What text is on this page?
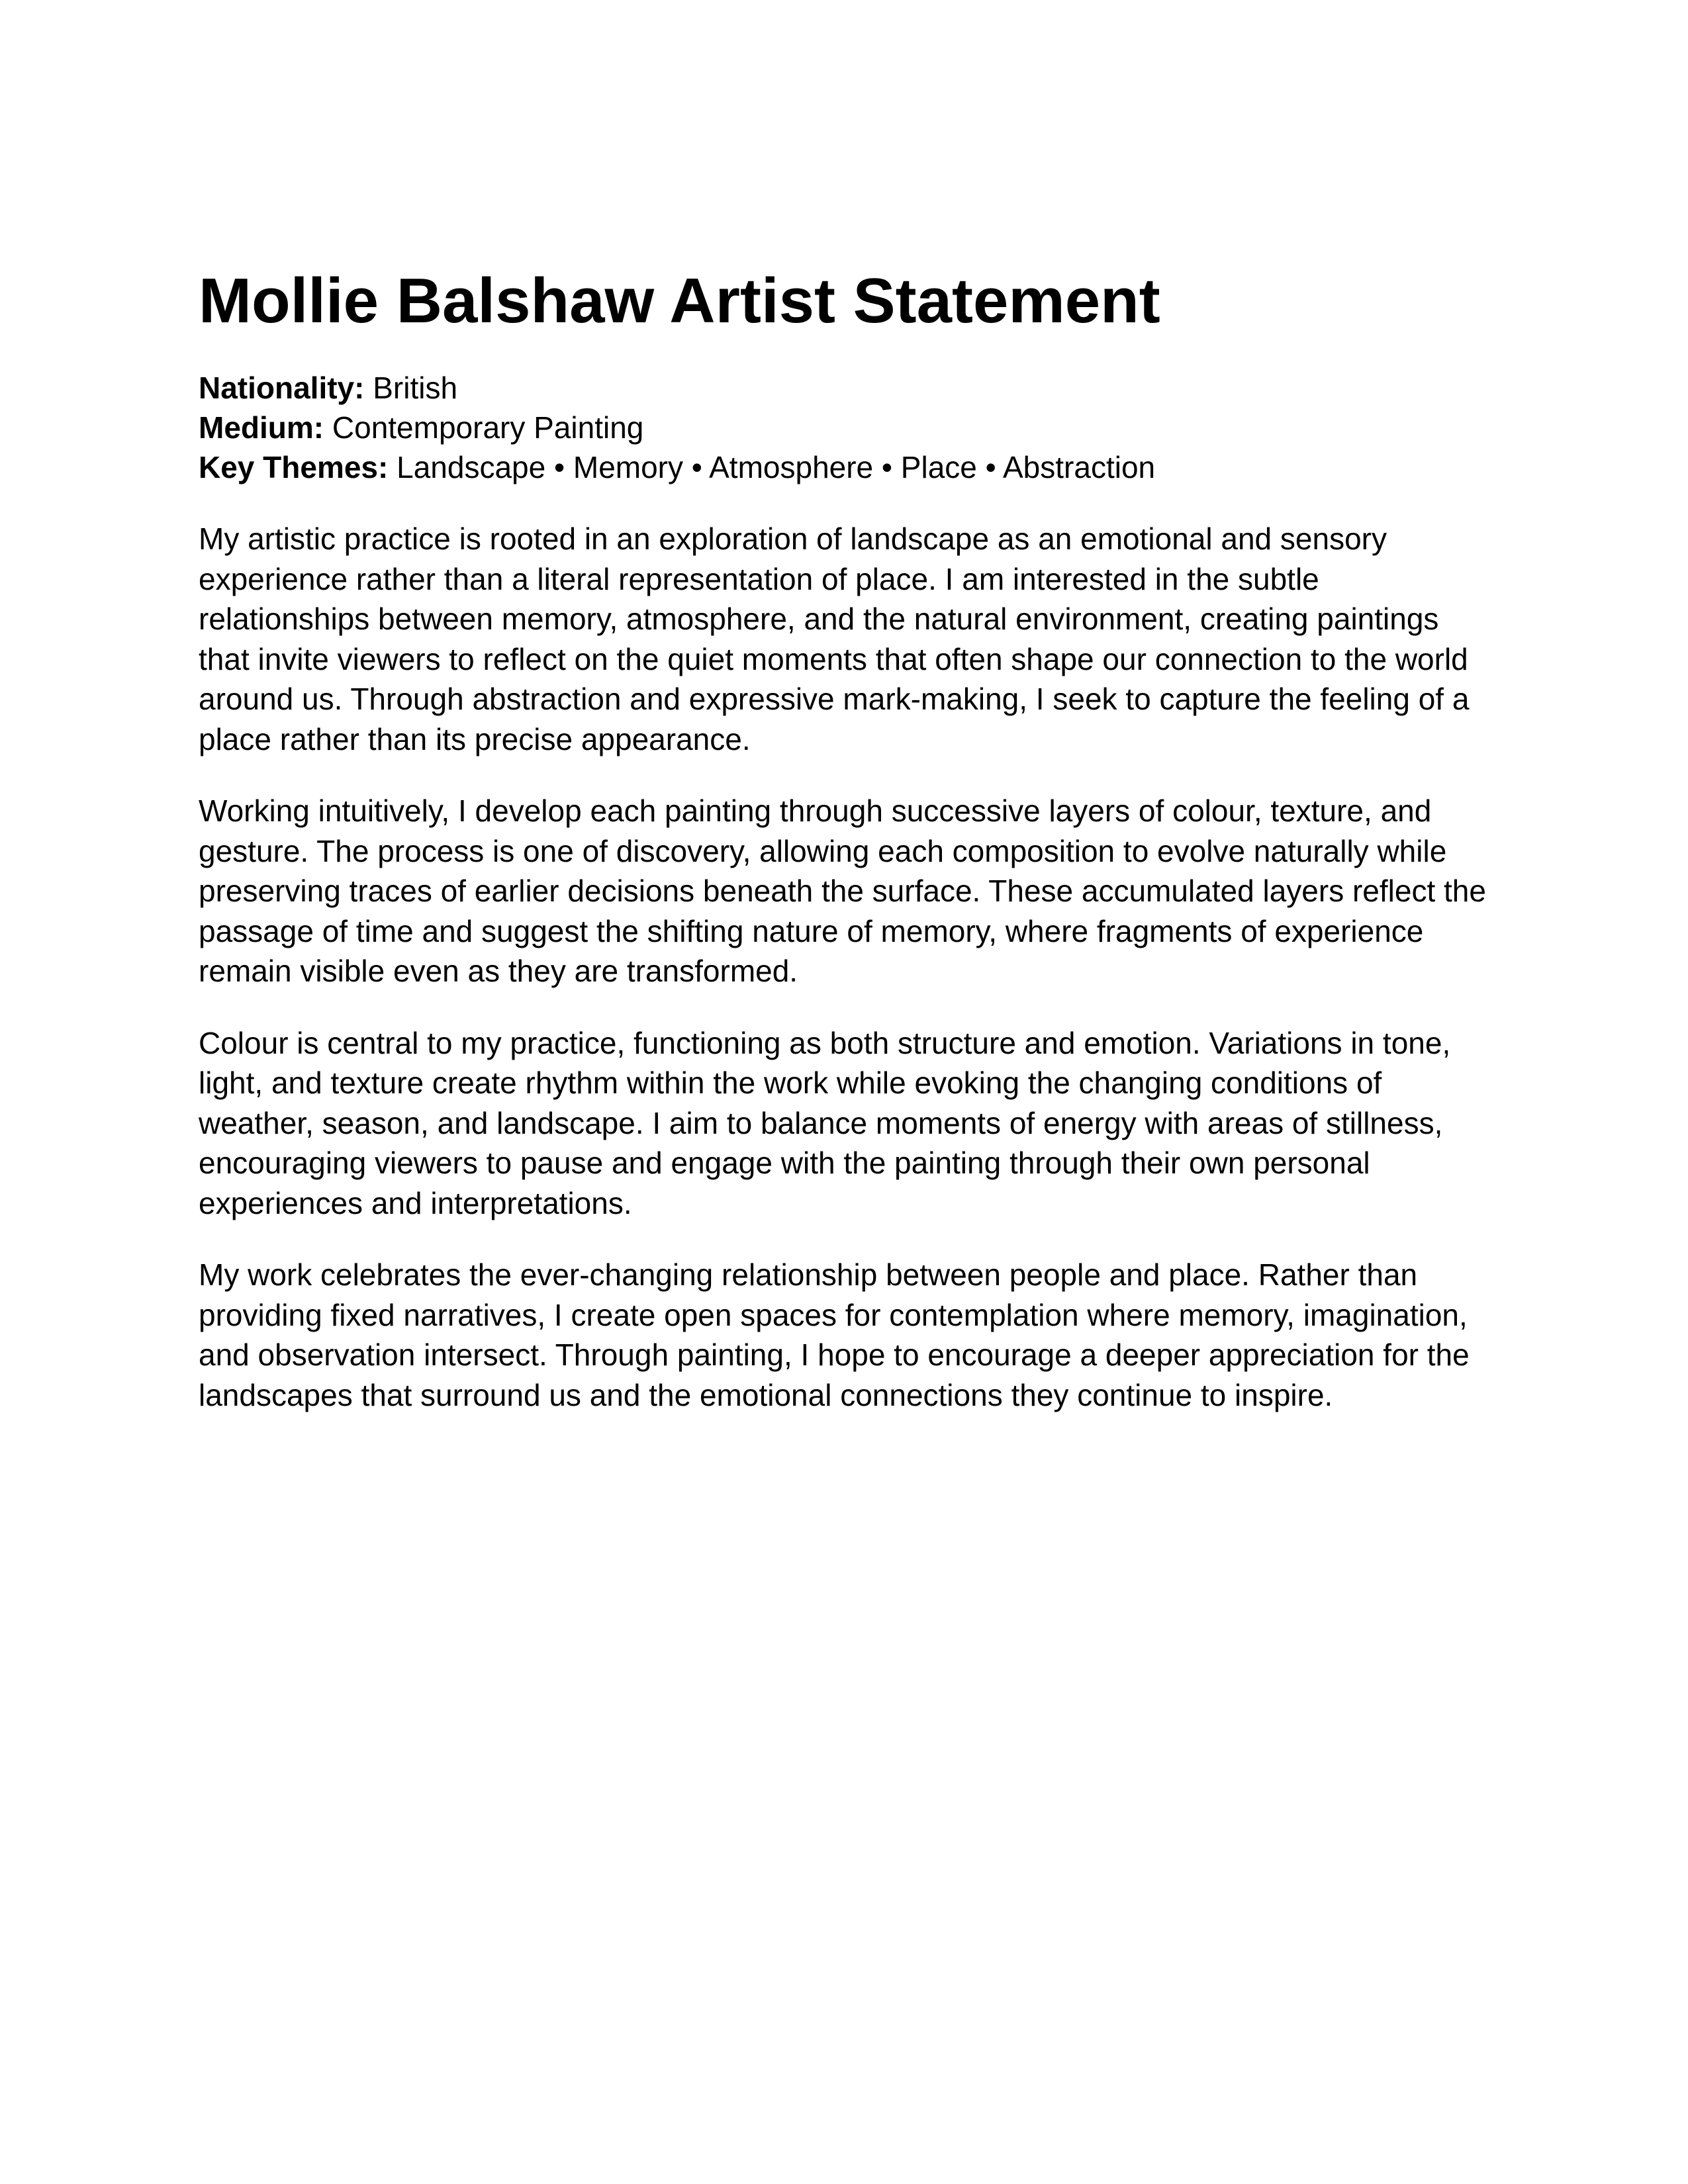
Mollie Balshaw Artist Statement
Nationality: British
Medium: Contemporary Painting
Key Themes: Landscape • Memory • Atmosphere • Place • Abstraction

My artistic practice is rooted in an exploration of landscape as an emotional and sensory
experience rather than a literal representation of place. I am interested in the subtle
relationships between memory, atmosphere, and the natural environment, creating paintings
that invite viewers to reflect on the quiet moments that often shape our connection to the world
around us. Through abstraction and expressive mark-making, I seek to capture the feeling of a
place rather than its precise appearance.

Working intuitively, I develop each painting through successive layers of colour, texture, and
gesture. The process is one of discovery, allowing each composition to evolve naturally while
preserving traces of earlier decisions beneath the surface. These accumulated layers reflect the
passage of time and suggest the shifting nature of memory, where fragments of experience
remain visible even as they are transformed.

Colour is central to my practice, functioning as both structure and emotion. Variations in tone,
light, and texture create rhythm within the work while evoking the changing conditions of
weather, season, and landscape. I aim to balance moments of energy with areas of stillness,
encouraging viewers to pause and engage with the painting through their own personal
experiences and interpretations.

My work celebrates the ever-changing relationship between people and place. Rather than
providing fixed narratives, I create open spaces for contemplation where memory, imagination,
and observation intersect. Through painting, I hope to encourage a deeper appreciation for the
landscapes that surround us and the emotional connections they continue to inspire.
